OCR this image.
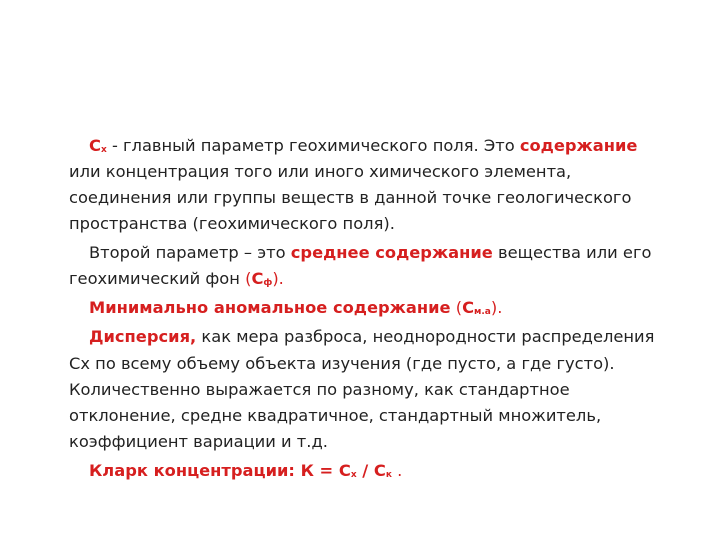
$C_x$ - главный параметр геохимического поля. Это содержание или концентрация того или иного химического элемента, соединения или группы веществ в данной точке геологического пространства (геохимического поля).

Второй параметр – это среднее содержание вещества или его геохимический фон $(C_ф)$.

Минимально аномальное содержание $(C_{м.а})$.

Дисперсия, как мера разброса, неоднородности распределения Сх по всему объему объекта изучения (где пусто, а где густо). Количественно выражается по разному, как стандартное отклонение, средне квадратичное, стандартный множитель, коэффициент вариации и т.д.

Кларк концентрации: $К = С_х / С_к$ .
